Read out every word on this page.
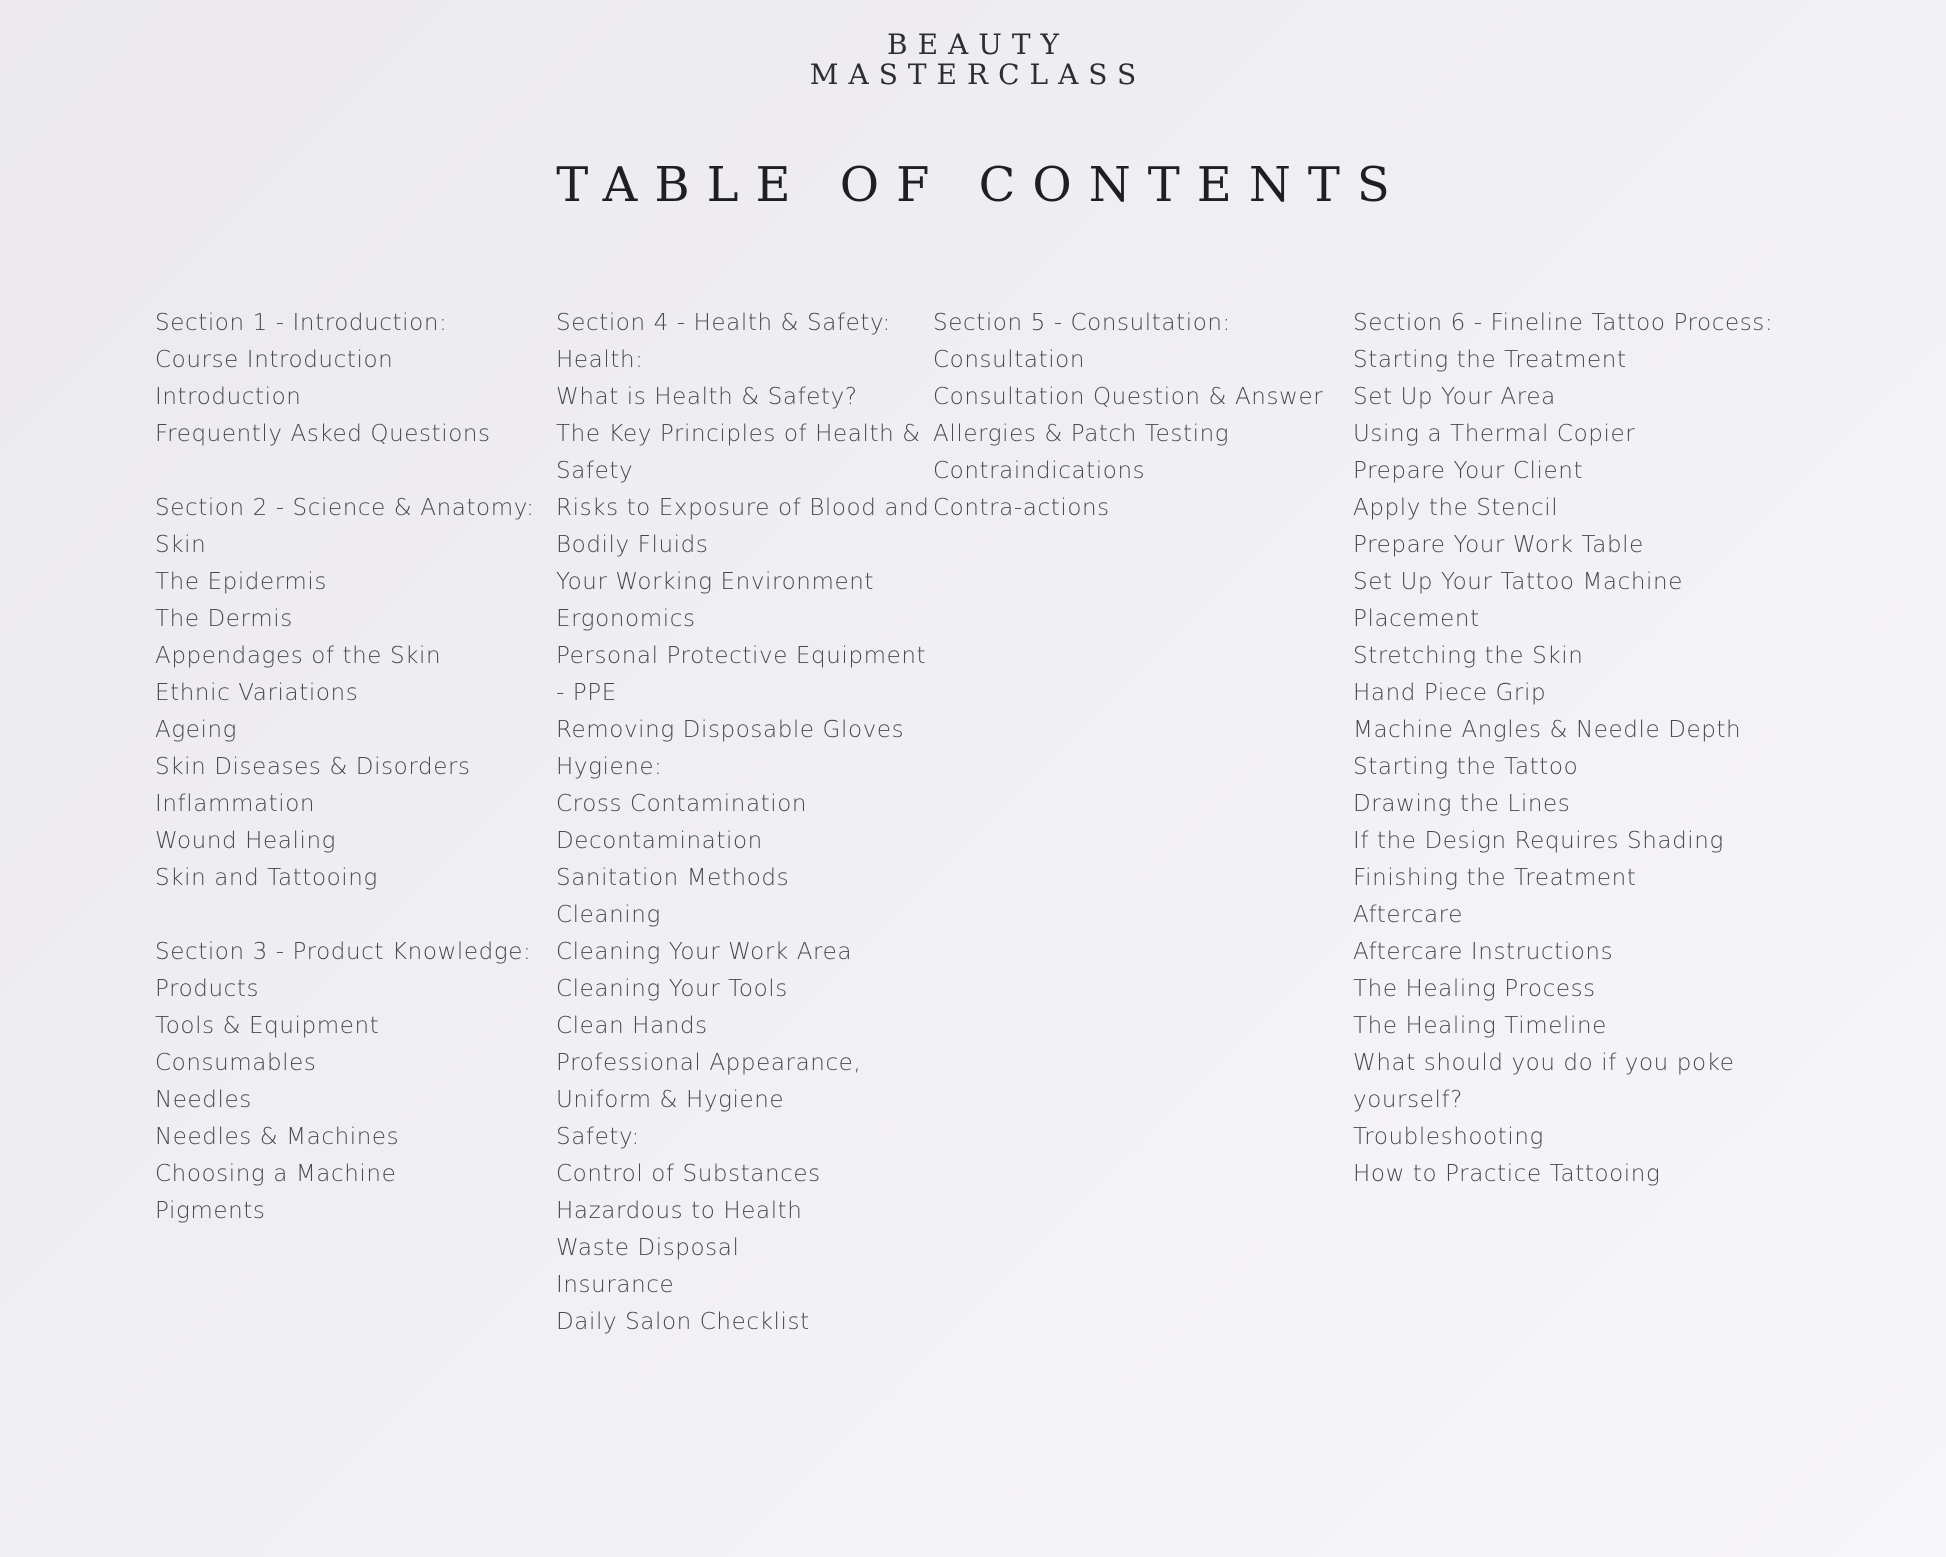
BEAUTY
MASTERCLASS
TABLE OF CONTENTS
Section 1 - Introduction:
Course Introduction
Introduction
Frequently Asked Questions
Section 2 - Science & Anatomy:
Skin
The Epidermis
The Dermis
Appendages of the Skin
Ethnic Variations
Ageing
Skin Diseases & Disorders
Inflammation
Wound Healing
Skin and Tattooing
Section 3 - Product Knowledge:
Products
Tools & Equipment
Consumables
Needles
Needles & Machines
Choosing a Machine
Pigments
Section 4 - Health & Safety:
Health:
What is Health & Safety?
The Key Principles of Health &
Safety
Risks to Exposure of Blood and
Bodily Fluids
Your Working Environment
Ergonomics
Personal Protective Equipment
- PPE
Removing Disposable Gloves
Hygiene:
Cross Contamination
Decontamination
Sanitation Methods
Cleaning
Cleaning Your Work Area
Cleaning Your Tools
Clean Hands
Professional Appearance,
Uniform & Hygiene
Safety:
Control of Substances
Hazardous to Health
Waste Disposal
Insurance
Daily Salon Checklist
Section 5 - Consultation:
Consultation
Consultation Question & Answer
Allergies & Patch Testing
Contraindications
Contra-actions
Section 6 - Fineline Tattoo Process:
Starting the Treatment
Set Up Your Area
Using a Thermal Copier
Prepare Your Client
Apply the Stencil
Prepare Your Work Table
Set Up Your Tattoo Machine
Placement
Stretching the Skin
Hand Piece Grip
Machine Angles & Needle Depth
Starting the Tattoo
Drawing the Lines
If the Design Requires Shading
Finishing the Treatment
Aftercare
Aftercare Instructions
The Healing Process
The Healing Timeline
What should you do if you poke
yourself?
Troubleshooting
How to Practice Tattooing
